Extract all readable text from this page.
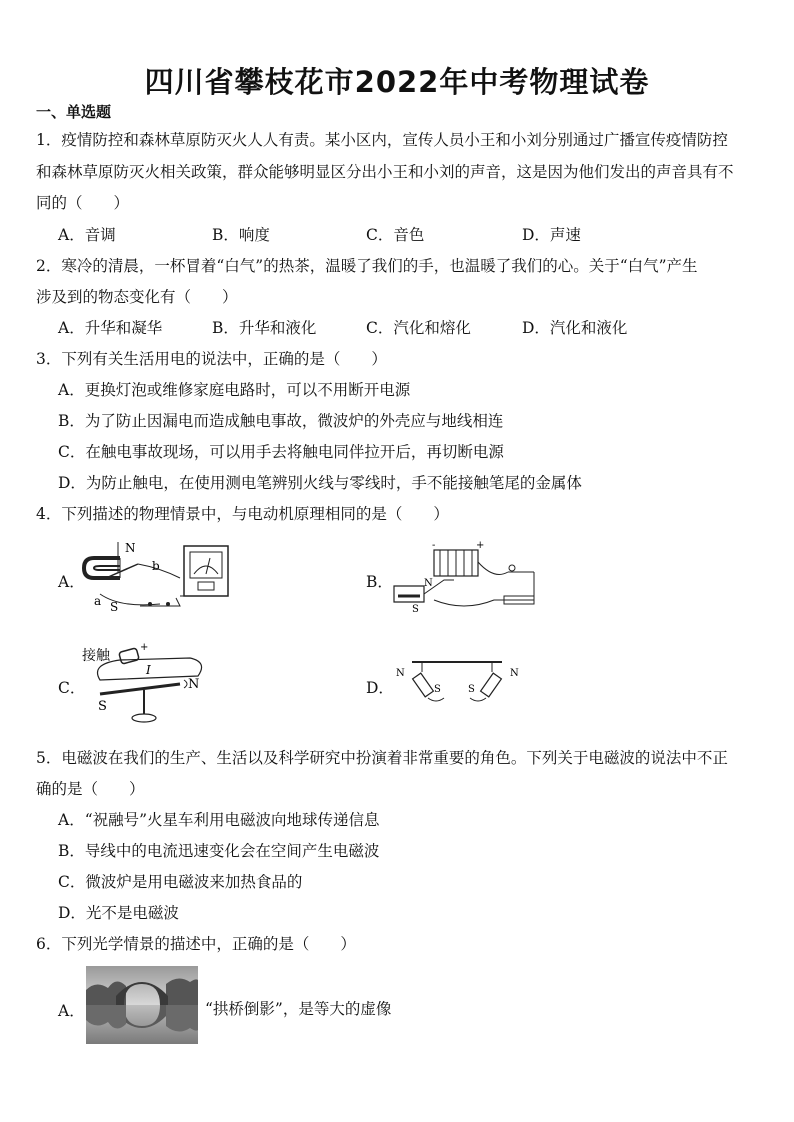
四川省攀枝花市2022年中考物理试卷
一、单选题
1．疫情防控和森林草原防灭火人人有责。某小区内，宣传人员小王和小刘分别通过广播宣传疫情防控
和森林草原防灭火相关政策，群众能够明显区分出小王和小刘的声音，这是因为他们发出的声音具有不
同的（　　）
A．音调	B．响度	C．音色	D．声速
2．寒冷的清晨，一杯冒着“白气”的热茶，温暖了我们的手，也温暖了我们的心。关于“白气”产生
涉及到的物态变化有（　　）
A．升华和凝华	B．升华和液化	C．汽化和熔化	D．汽化和液化
3．下列有关生活用电的说法中，正确的是（　　）
A．更换灯泡或维修家庭电路时，可以不用断开电源
B．为了防止因漏电而造成触电事故，微波炉的外壳应与地线相连
C．在触电事故现场，可以用手去将触电同伴拉开后，再切断电源
D．为防止触电，在使用测电笔辨别火线与零线时，手不能接触笔尾的金属体
4．下列描述的物理情景中，与电动机原理相同的是（　　）
A．	B．
C．	D．
N
S
a
b
-	+
N
S
接触
+
I
N
S
N
S	S
N
5．电磁波在我们的生产、生活以及科学研究中扮演着非常重要的角色。下列关于电磁波的说法中不正
确的是（　　）
A．“祝融号”火星车利用电磁波向地球传递信息
B．导线中的电流迅速变化会在空间产生电磁波
C．微波炉是用电磁波来加热食品的
D．光不是电磁波
6．下列光学情景的描述中，正确的是（　　）
A．	“拱桥倒影”，是等大的虚像
